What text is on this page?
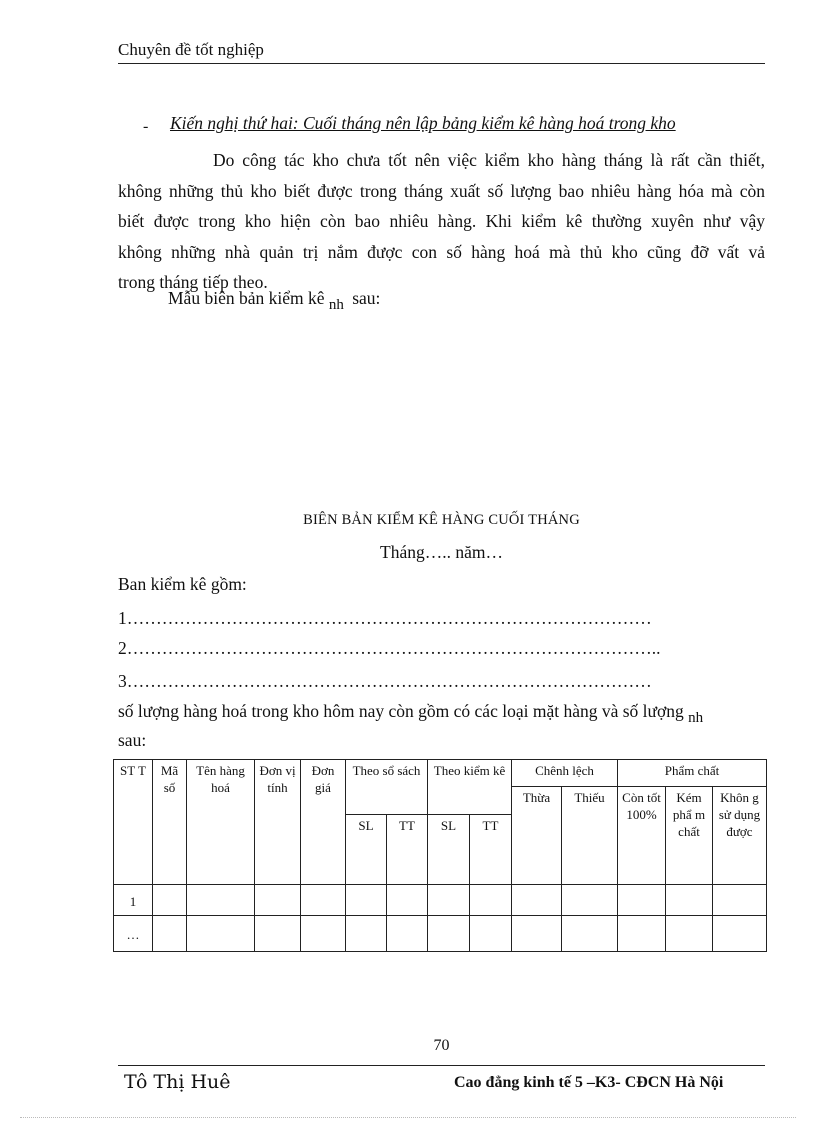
Chuyên đề tốt nghiệp
- Kiến nghị thứ hai: Cuối tháng nên lập bảng kiểm kê hàng hoá trong kho
Do công tác kho chưa tốt nên việc kiểm kho hàng tháng là rất cần thiết,
không những thủ kho biết được trong tháng xuất số lượng bao nhiêu hàng hóa mà còn
biết được trong kho hiện còn bao nhiêu hàng. Khi kiểm kê thường xuyên như vậy
không những nhà quản trị nắm được con số hàng hoá mà thủ kho cũng đỡ vất vả
trong tháng tiếp theo.
Mẫu biên bản kiểm kê nh sau:
BIÊN BẢN KIỂM KÊ HÀNG CUỐI THÁNG
Tháng….. năm…
Ban kiểm kê gồm:
1………………………………………………………………………………
2………………………………………………………………………………..
3………………………………………………………………………………
số lượng hàng hoá trong kho hôm nay còn gồm có các loại mặt hàng và số lượng nh
sau:
ST T	Mã số	Tên hàng hoá	Đơn vị tính	Đơn giá	Theo sổ sách		Theo kiểm kê		Chênh lệch		Phẩm chất		
									Thừa	Thiếu	Còn tốt 100%	Kém phẩ m chất	Khôn g sử dụng được
					SL	TT	SL	TT					
1													
…													
70
Tô Thị Huê	Cao đẳng kinh tế 5 –K3- CĐCN Hà Nội
